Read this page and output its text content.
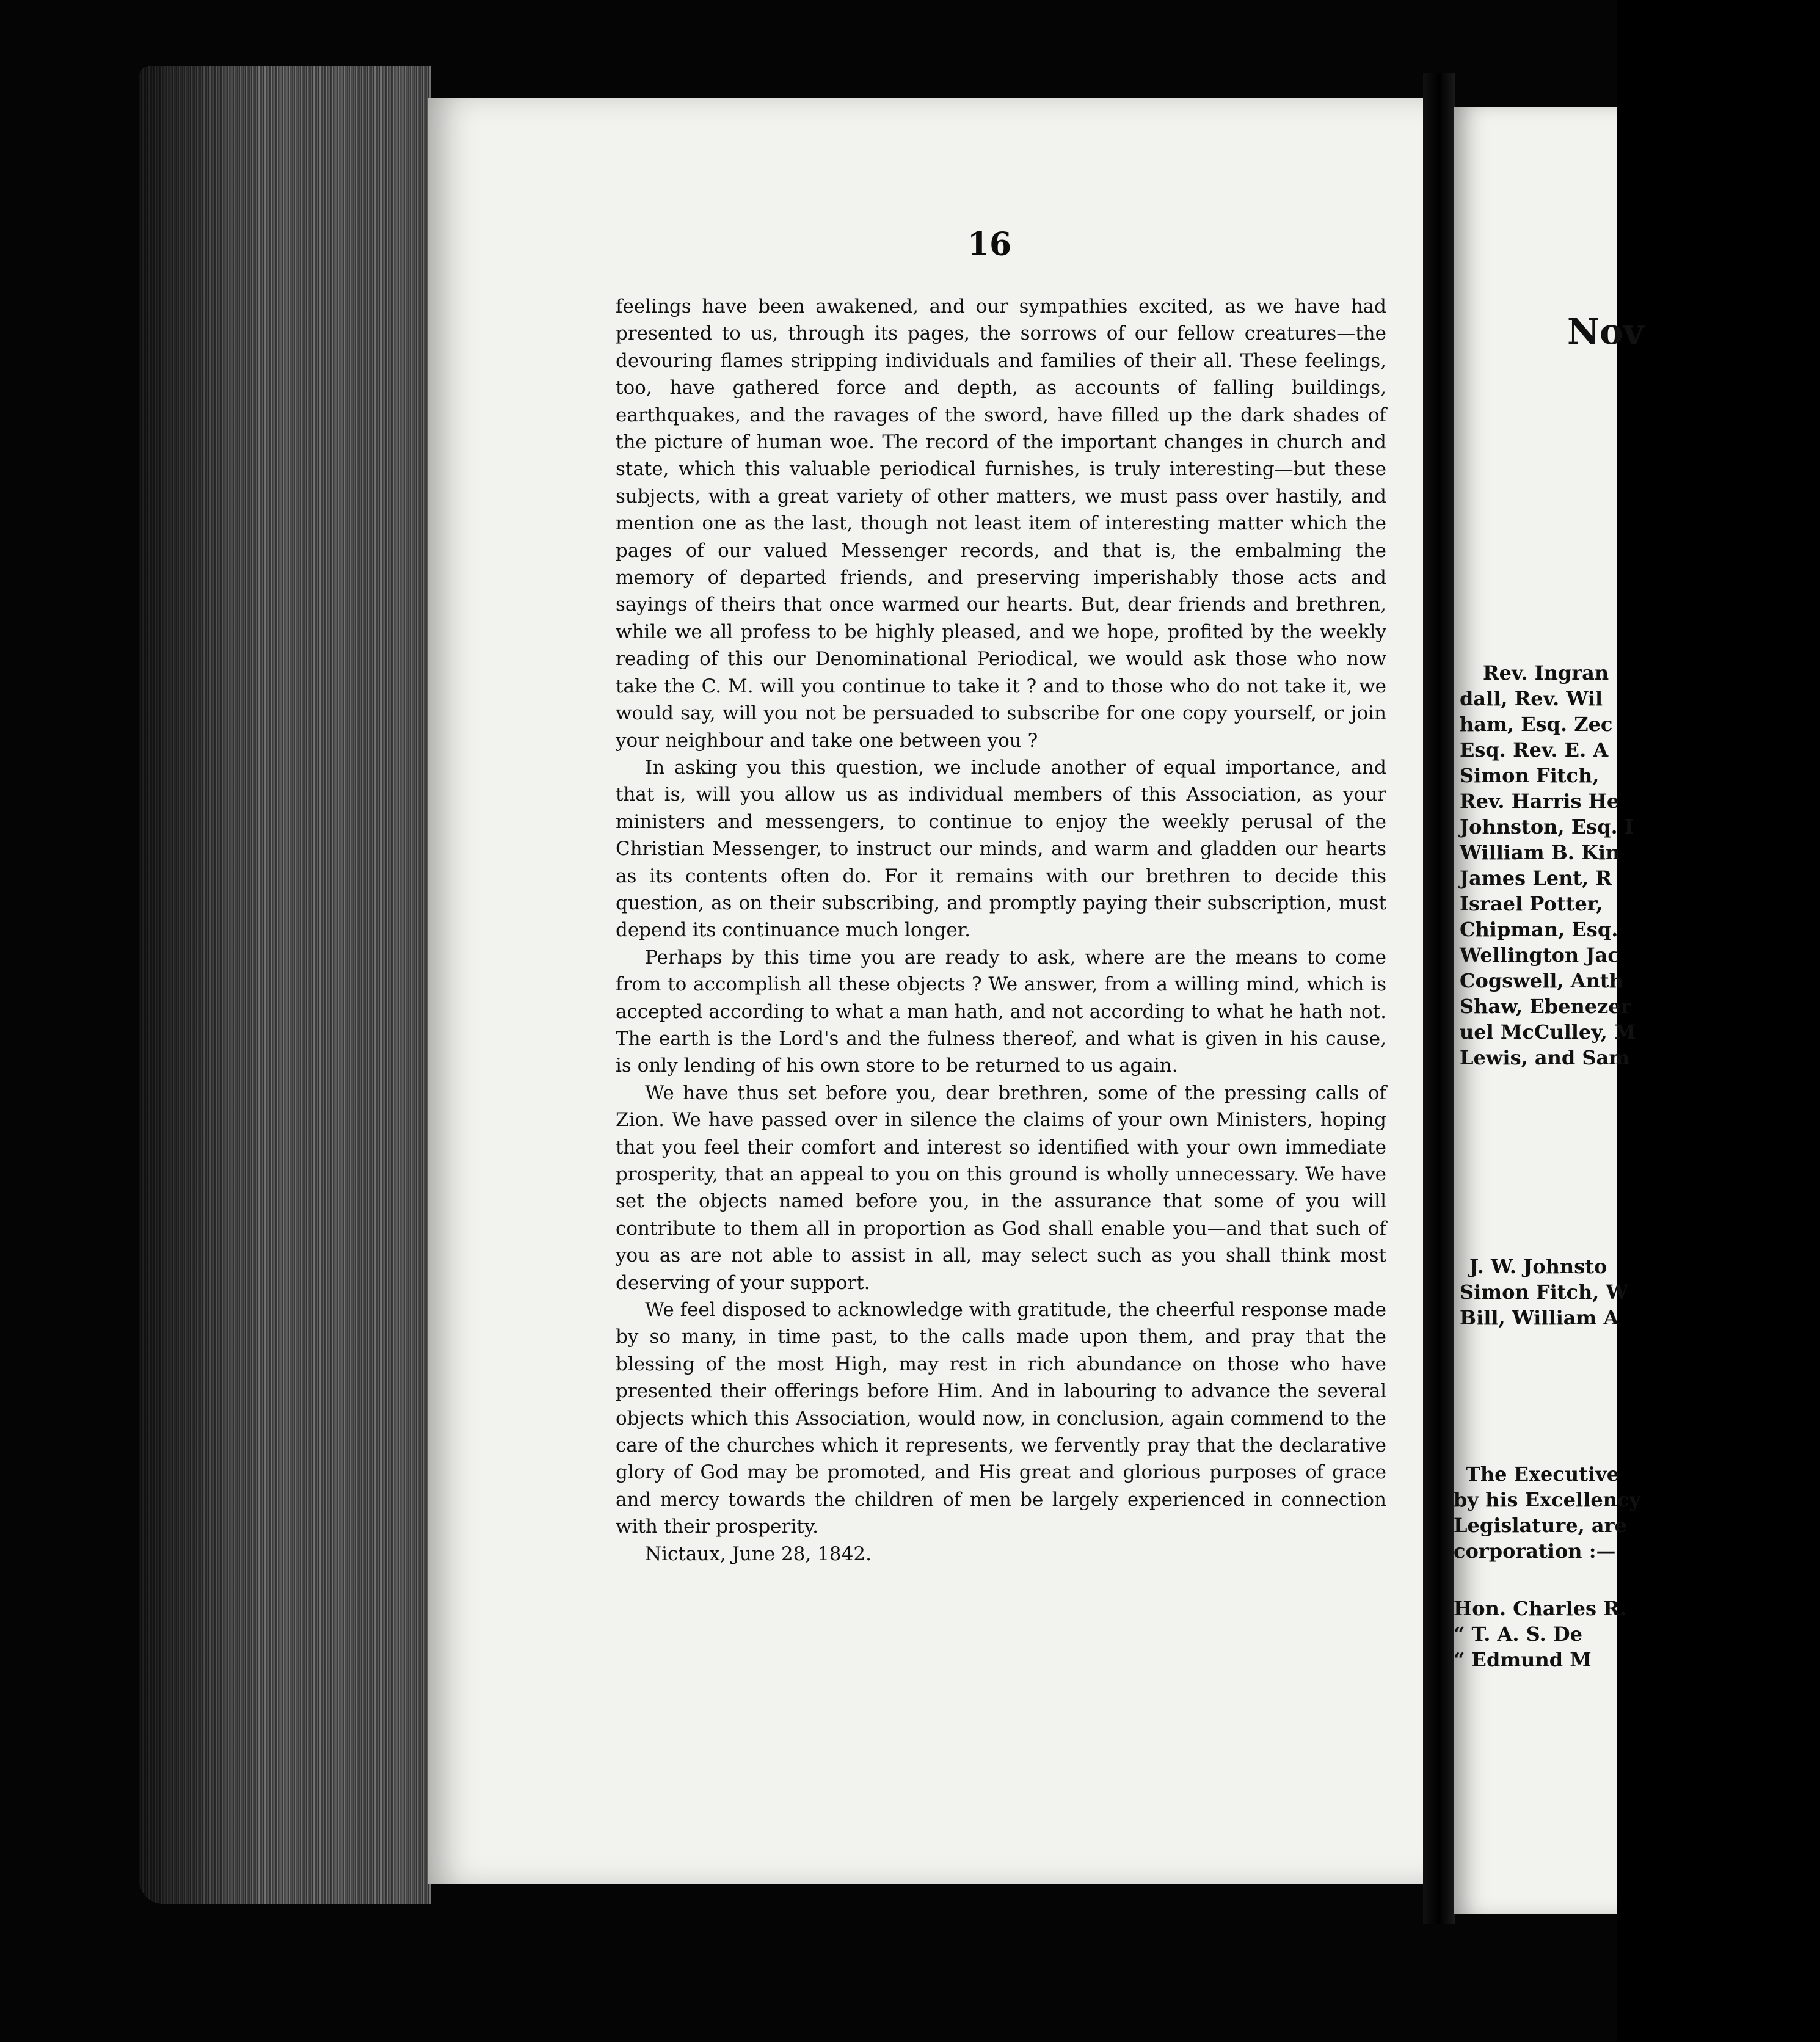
16

feelings have been awakened, and our sympathies excited, as we have had presented to us, through its pages, the sorrows of our fellow creatures—the devouring flames stripping individuals and families of their all. These feelings, too, have gathered force and depth, as accounts of falling buildings, earthquakes, and the ravages of the sword, have filled up the dark shades of the picture of human woe. The record of the important changes in church and state, which this valuable periodical furnishes, is truly interesting—but these subjects, with a great variety of other matters, we must pass over hastily, and mention one as the last, though not least item of interesting matter which the pages of our valued Messenger records, and that is, the embalming the memory of departed friends, and preserving imperishably those acts and sayings of theirs that once warmed our hearts. But, dear friends and brethren, while we all profess to be highly pleased, and we hope, profited by the weekly reading of this our Denominational Periodical, we would ask those who now take the C. M. will you continue to take it ? and to those who do not take it, we would say, will you not be persuaded to subscribe for one copy yourself, or join your neighbour and take one between you ?

In asking you this question, we include another of equal importance, and that is, will you allow us as individual members of this Association, as your ministers and messengers, to continue to enjoy the weekly perusal of the Christian Messenger, to instruct our minds, and warm and gladden our hearts as its contents often do. For it remains with our brethren to decide this question, as on their subscribing, and promptly paying their subscription, must depend its continuance much longer.

Perhaps by this time you are ready to ask, where are the means to come from to accomplish all these objects ? We answer, from a willing mind, which is accepted according to what a man hath, and not according to what he hath not. The earth is the Lord's and the fulness thereof, and what is given in his cause, is only lending of his own store to be returned to us again.

We have thus set before you, dear brethren, some of the pressing calls of Zion. We have passed over in silence the claims of your own Ministers, hoping that you feel their comfort and interest so identified with your own immediate prosperity, that an appeal to you on this ground is wholly unnecessary. We have set the objects named before you, in the assurance that some of you will contribute to them all in proportion as God shall enable you—and that such of you as are not able to assist in all, may select such as you shall think most deserving of your support.

We feel disposed to acknowledge with gratitude, the cheerful response made by so many, in time past, to the calls made upon them, and pray that the blessing of the most High, may rest in rich abundance on those who have presented their offerings before Him. And in labouring to advance the several objects which this Association, would now, in conclusion, again commend to the care of the churches which it represents, we fervently pray that the declarative glory of God may be promoted, and His great and glorious purposes of grace and mercy towards the children of men be largely experienced in connection with their prosperity.

Nictaux, June 28, 1842.

Nov
Rev. Ingran
dall, Rev. Wil
ham, Esq. Zec
Esq. Rev. E. A
Simon Fitch,
Rev. Harris He
Johnston, Esq. I
William B. Kin
James Lent, R
Israel Potter,
Chipman, Esq.
Wellington Jac
Cogswell, Anth
Shaw, Ebenezer
uel McCulley, M
Lewis, and Sam
J. W. Johnsto
Simon Fitch, W
Bill, William A
The Executive
by his Excellency
Legislature, are
corporation :—
Hon. Charles R.
“ T. A. S. De
“ Edmund M
